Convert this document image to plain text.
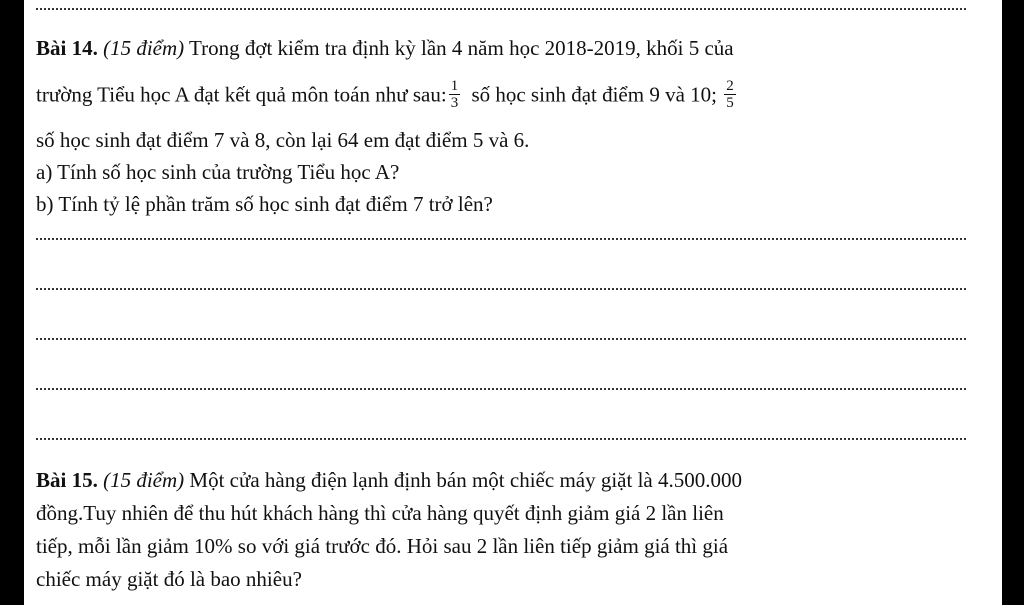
Bài 14. (15 điểm) Trong đợt kiểm tra định kỳ lần 4 năm học 2018-2019, khối 5 của
trường Tiểu học A đạt kết quả môn toán như sau: $\frac{1}{3}$ số học sinh đạt điểm 9 và 10; $\frac{2}{5}$
số học sinh đạt điểm 7 và 8, còn lại 64 em đạt điểm 5 và 6.
a) Tính số học sinh của trường Tiểu học A?
b) Tính tỷ lệ phần trăm số học sinh đạt điểm 7 trở lên?
Bài 15. (15 điểm) Một cửa hàng điện lạnh định bán một chiếc máy giặt là 4.500.000
đồng.Tuy nhiên để thu hút khách hàng thì cửa hàng quyết định giảm giá 2 lần liên
tiếp, mỗi lần giảm 10% so với giá trước đó. Hỏi sau 2 lần liên tiếp giảm giá thì giá
chiếc máy giặt đó là bao nhiêu?
